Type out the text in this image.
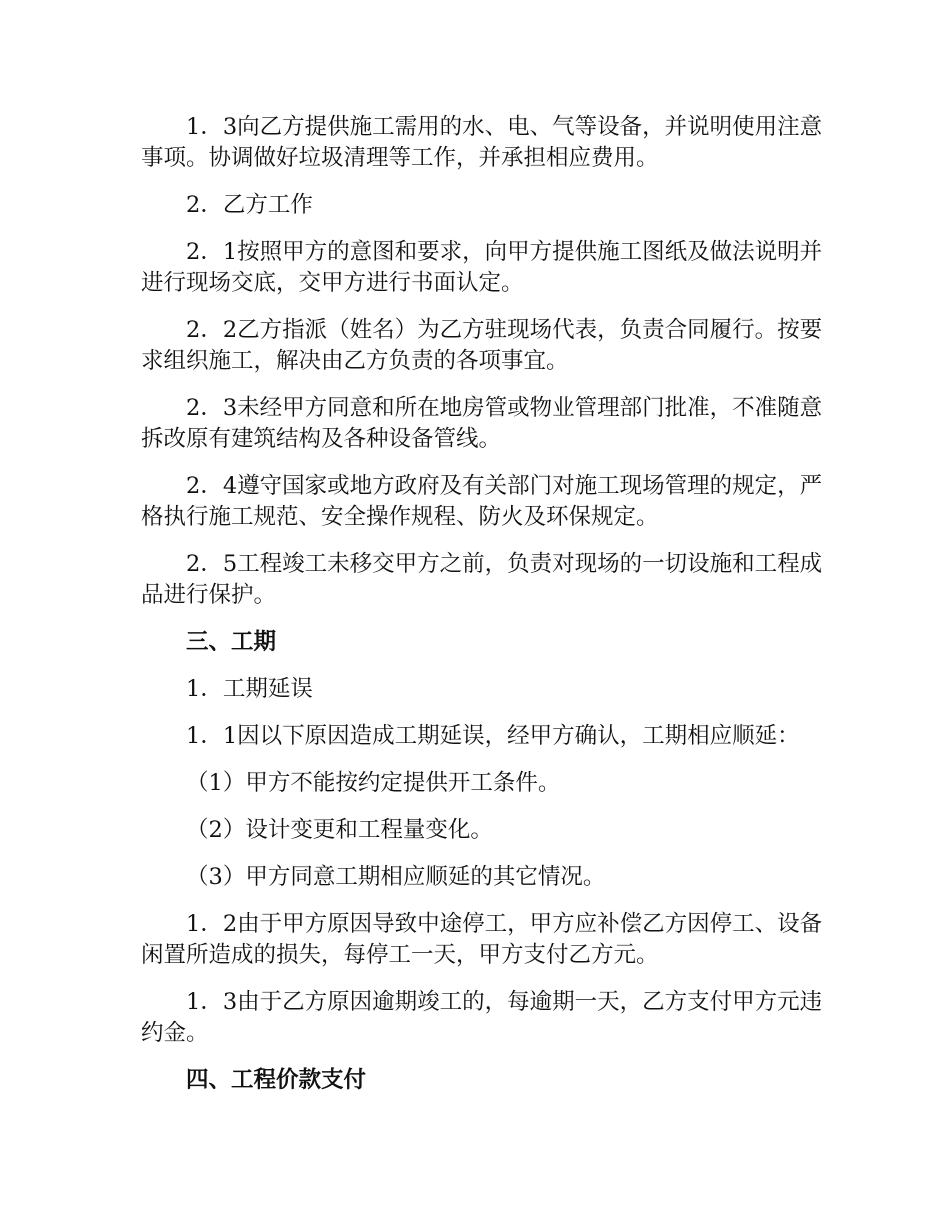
1．3向乙方提供施工需用的水、电、气等设备，并说明使用注意事项。协调做好垃圾清理等工作，并承担相应费用。

2．乙方工作

2．1按照甲方的意图和要求，向甲方提供施工图纸及做法说明并进行现场交底，交甲方进行书面认定。

2．2乙方指派（姓名）为乙方驻现场代表，负责合同履行。按要求组织施工，解决由乙方负责的各项事宜。

2．3未经甲方同意和所在地房管或物业管理部门批准，不准随意拆改原有建筑结构及各种设备管线。

2．4遵守国家或地方政府及有关部门对施工现场管理的规定，严格执行施工规范、安全操作规程、防火及环保规定。

2．5工程竣工未移交甲方之前，负责对现场的一切设施和工程成品进行保护。

三、工期

1．工期延误

1．1因以下原因造成工期延误，经甲方确认，工期相应顺延：

（1）甲方不能按约定提供开工条件。

（2）设计变更和工程量变化。

（3）甲方同意工期相应顺延的其它情况。

1．2由于甲方原因导致中途停工，甲方应补偿乙方因停工、设备闲置所造成的损失，每停工一天，甲方支付乙方元。

1．3由于乙方原因逾期竣工的，每逾期一天，乙方支付甲方元违约金。

四、工程价款支付
